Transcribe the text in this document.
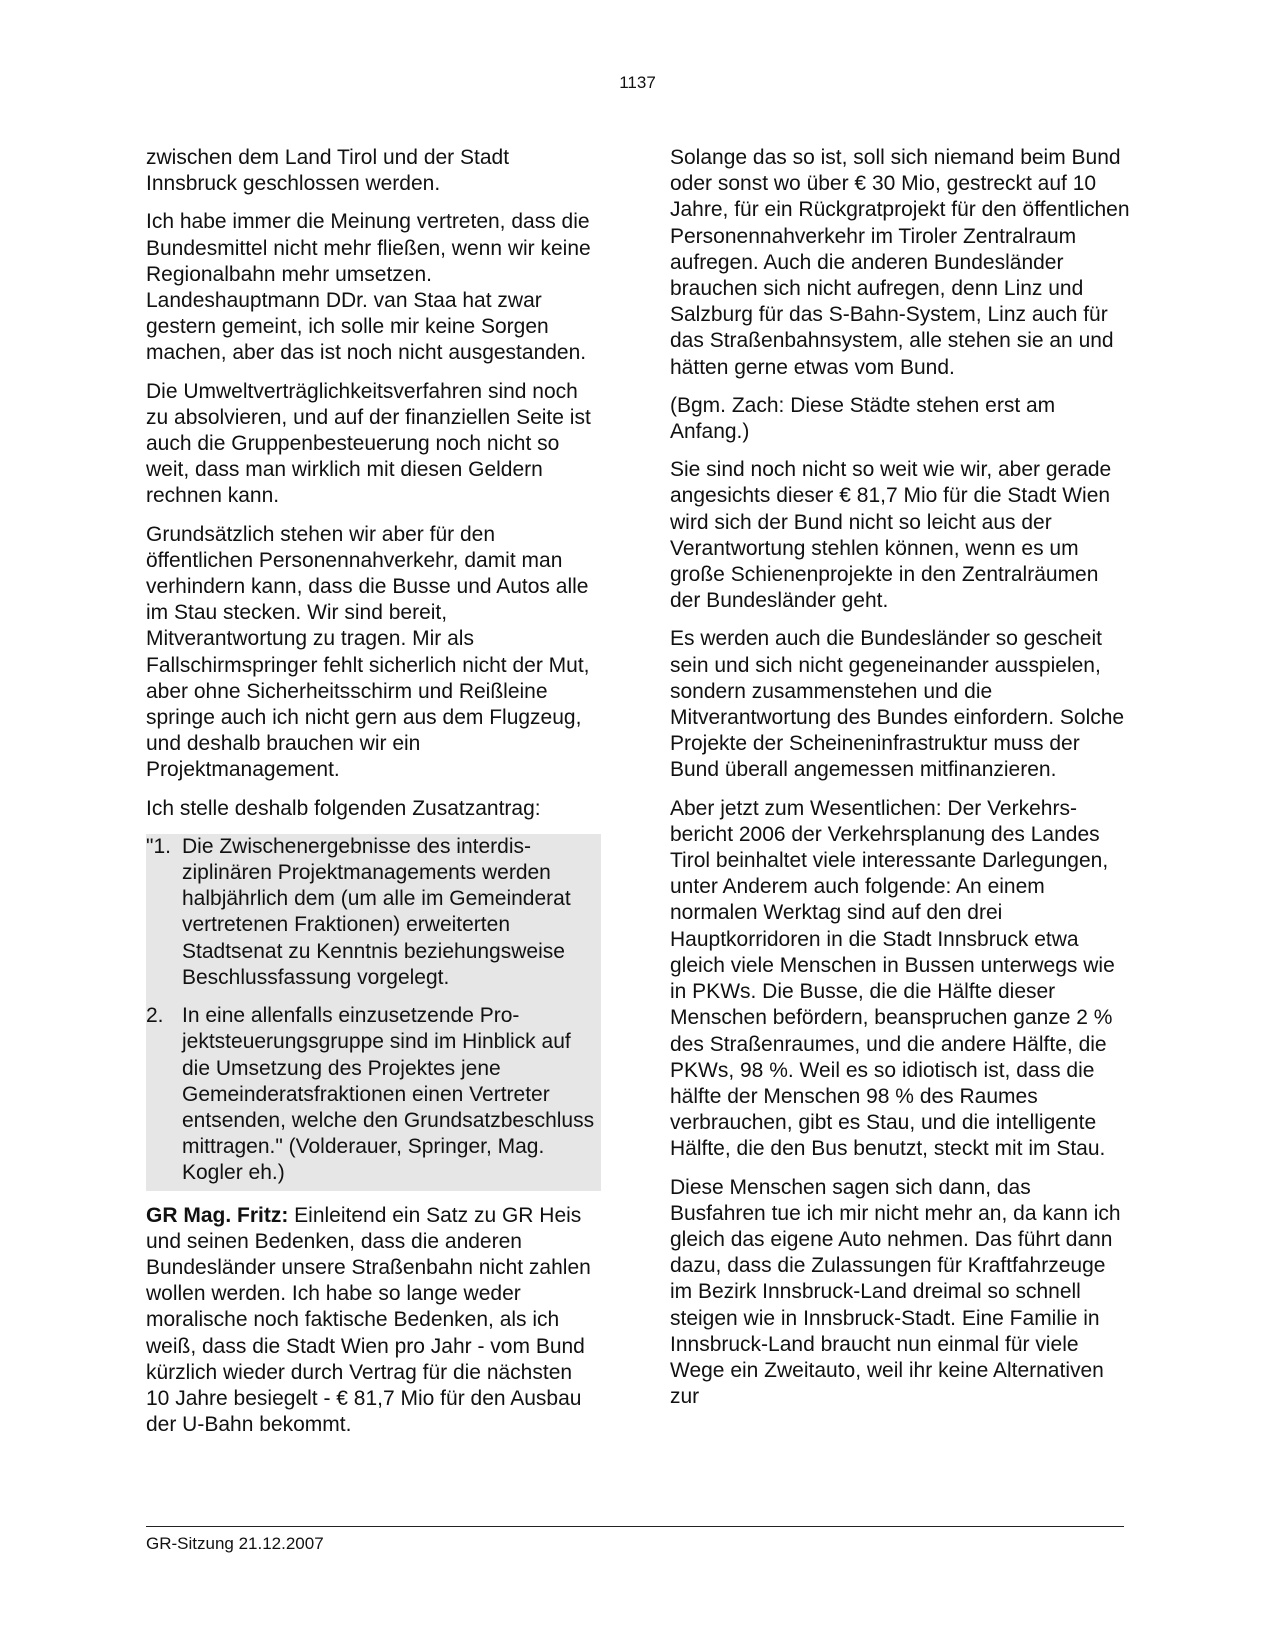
1137

zwischen dem Land Tirol und der Stadt Innsbruck geschlossen werden.

Ich habe immer die Meinung vertreten, dass die Bundesmittel nicht mehr fließen, wenn wir keine Regionalbahn mehr umsetzen. Landeshauptmann DDr. van Staa hat zwar gestern gemeint, ich solle mir keine Sorgen machen, aber das ist noch nicht ausgestanden.

Die Umweltverträglichkeitsverfahren sind noch zu absolvieren, und auf der finanziellen Seite ist auch die Gruppenbesteuerung noch nicht so weit, dass man wirklich mit diesen Geldern rechnen kann.

Grundsätzlich stehen wir aber für den öffentlichen Personennahverkehr, damit man verhindern kann, dass die Busse und Autos alle im Stau stecken. Wir sind bereit, Mitverantwortung zu tragen. Mir als Fallschirmspringer fehlt sicherlich nicht der Mut, aber ohne Sicherheitsschirm und Reißleine springe auch ich nicht gern aus dem Flugzeug, und deshalb brauchen wir ein Projektmanagement.

Ich stelle deshalb folgenden Zusatzantrag:

"1. Die Zwischenergebnisse des interdisziplinären Projektmanagements werden halbjährlich dem (um alle im Gemeinderat vertretenen Fraktionen) erweiterten Stadtsenat zu Kenntnis beziehungsweise Beschlussfassung vorgelegt.
2. In eine allenfalls einzusetzende Projektsteuerungsgruppe sind im Hinblick auf die Umsetzung des Projektes jene Gemeinderatsfraktionen einen Vertreter entsenden, welche den Grundsatzbeschluss mittragen." (Volderauer, Springer, Mag. Kogler eh.)

GR Mag. Fritz: Einleitend ein Satz zu GR Heis und seinen Bedenken, dass die anderen Bundesländer unsere Straßenbahn nicht zahlen wollen werden. Ich habe so lange weder moralische noch faktische Bedenken, als ich weiß, dass die Stadt Wien pro Jahr - vom Bund kürzlich wieder durch Vertrag für die nächsten 10 Jahre besiegelt - € 81,7 Mio für den Ausbau der U-Bahn bekommt.

Solange das so ist, soll sich niemand beim Bund oder sonst wo über € 30 Mio, gestreckt auf 10 Jahre, für ein Rückgratprojekt für den öffentlichen Personennahverkehr im Tiroler Zentralraum aufregen. Auch die anderen Bundesländer brauchen sich nicht aufregen, denn Linz und Salzburg für das S-Bahn-System, Linz auch für das Straßenbahnsystem, alle stehen sie an und hätten gerne etwas vom Bund.

(Bgm. Zach: Diese Städte stehen erst am Anfang.)

Sie sind noch nicht so weit wie wir, aber gerade angesichts dieser € 81,7 Mio für die Stadt Wien wird sich der Bund nicht so leicht aus der Verantwortung stehlen können, wenn es um große Schienenprojekte in den Zentralräumen der Bundesländer geht.

Es werden auch die Bundesländer so gescheit sein und sich nicht gegeneinander ausspielen, sondern zusammenstehen und die Mitverantwortung des Bundes einfordern. Solche Projekte der Scheineninfrastruktur muss der Bund überall angemessen mitfinanzieren.

Aber jetzt zum Wesentlichen: Der Verkehrsbericht 2006 der Verkehrsplanung des Landes Tirol beinhaltet viele interessante Darlegungen, unter Anderem auch folgende: An einem normalen Werktag sind auf den drei Hauptkorridoren in die Stadt Innsbruck etwa gleich viele Menschen in Bussen unterwegs wie in PKWs. Die Busse, die die Hälfte dieser Menschen befördern, beanspruchen ganze 2 % des Straßenraumes, und die andere Hälfte, die PKWs, 98 %. Weil es so idiotisch ist, dass die hälfte der Menschen 98 % des Raumes verbrauchen, gibt es Stau, und die intelligente Hälfte, die den Bus benutzt, steckt mit im Stau.

Diese Menschen sagen sich dann, das Busfahren tue ich mir nicht mehr an, da kann ich gleich das eigene Auto nehmen. Das führt dann dazu, dass die Zulassungen für Kraftfahrzeuge im Bezirk Innsbruck-Land dreimal so schnell steigen wie in Innsbruck-Stadt. Eine Familie in Innsbruck-Land braucht nun einmal für viele Wege ein Zweitauto, weil ihr keine Alternativen zur

GR-Sitzung 21.12.2007
